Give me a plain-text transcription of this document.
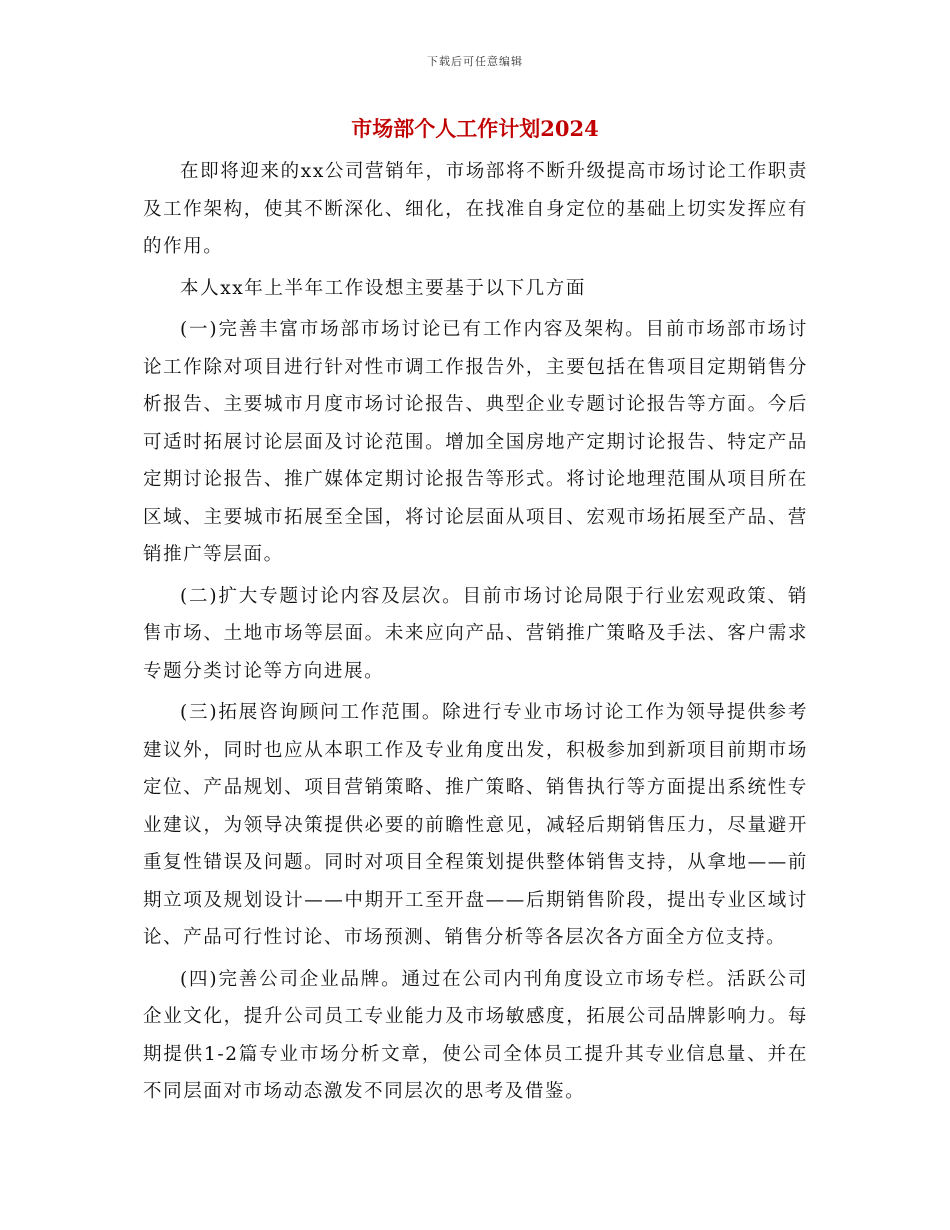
下载后可任意编辑
市场部个人工作计划2024

在即将迎来的xx公司营销年，市场部将不断升级提高市场讨论工作职责及工作架构，使其不断深化、细化，在找准自身定位的基础上切实发挥应有的作用。

本人xx年上半年工作设想主要基于以下几方面

(一)完善丰富市场部市场讨论已有工作内容及架构。目前市场部市场讨论工作除对项目进行针对性市调工作报告外，主要包括在售项目定期销售分析报告、主要城市月度市场讨论报告、典型企业专题讨论报告等方面。今后可适时拓展讨论层面及讨论范围。增加全国房地产定期讨论报告、特定产品定期讨论报告、推广媒体定期讨论报告等形式。将讨论地理范围从项目所在区域、主要城市拓展至全国，将讨论层面从项目、宏观市场拓展至产品、营销推广等层面。

(二)扩大专题讨论内容及层次。目前市场讨论局限于行业宏观政策、销售市场、土地市场等层面。未来应向产品、营销推广策略及手法、客户需求专题分类讨论等方向进展。

(三)拓展咨询顾问工作范围。除进行专业市场讨论工作为领导提供参考建议外，同时也应从本职工作及专业角度出发，积极参加到新项目前期市场定位、产品规划、项目营销策略、推广策略、销售执行等方面提出系统性专业建议，为领导决策提供必要的前瞻性意见，减轻后期销售压力，尽量避开重复性错误及问题。同时对项目全程策划提供整体销售支持，从拿地——前期立项及规划设计——中期开工至开盘——后期销售阶段，提出专业区域讨论、产品可行性讨论、市场预测、销售分析等各层次各方面全方位支持。

(四)完善公司企业品牌。通过在公司内刊角度设立市场专栏。活跃公司企业文化，提升公司员工专业能力及市场敏感度，拓展公司品牌影响力。每期提供1-2篇专业市场分析文章，使公司全体员工提升其专业信息量、并在不同层面对市场动态激发不同层次的思考及借鉴。
